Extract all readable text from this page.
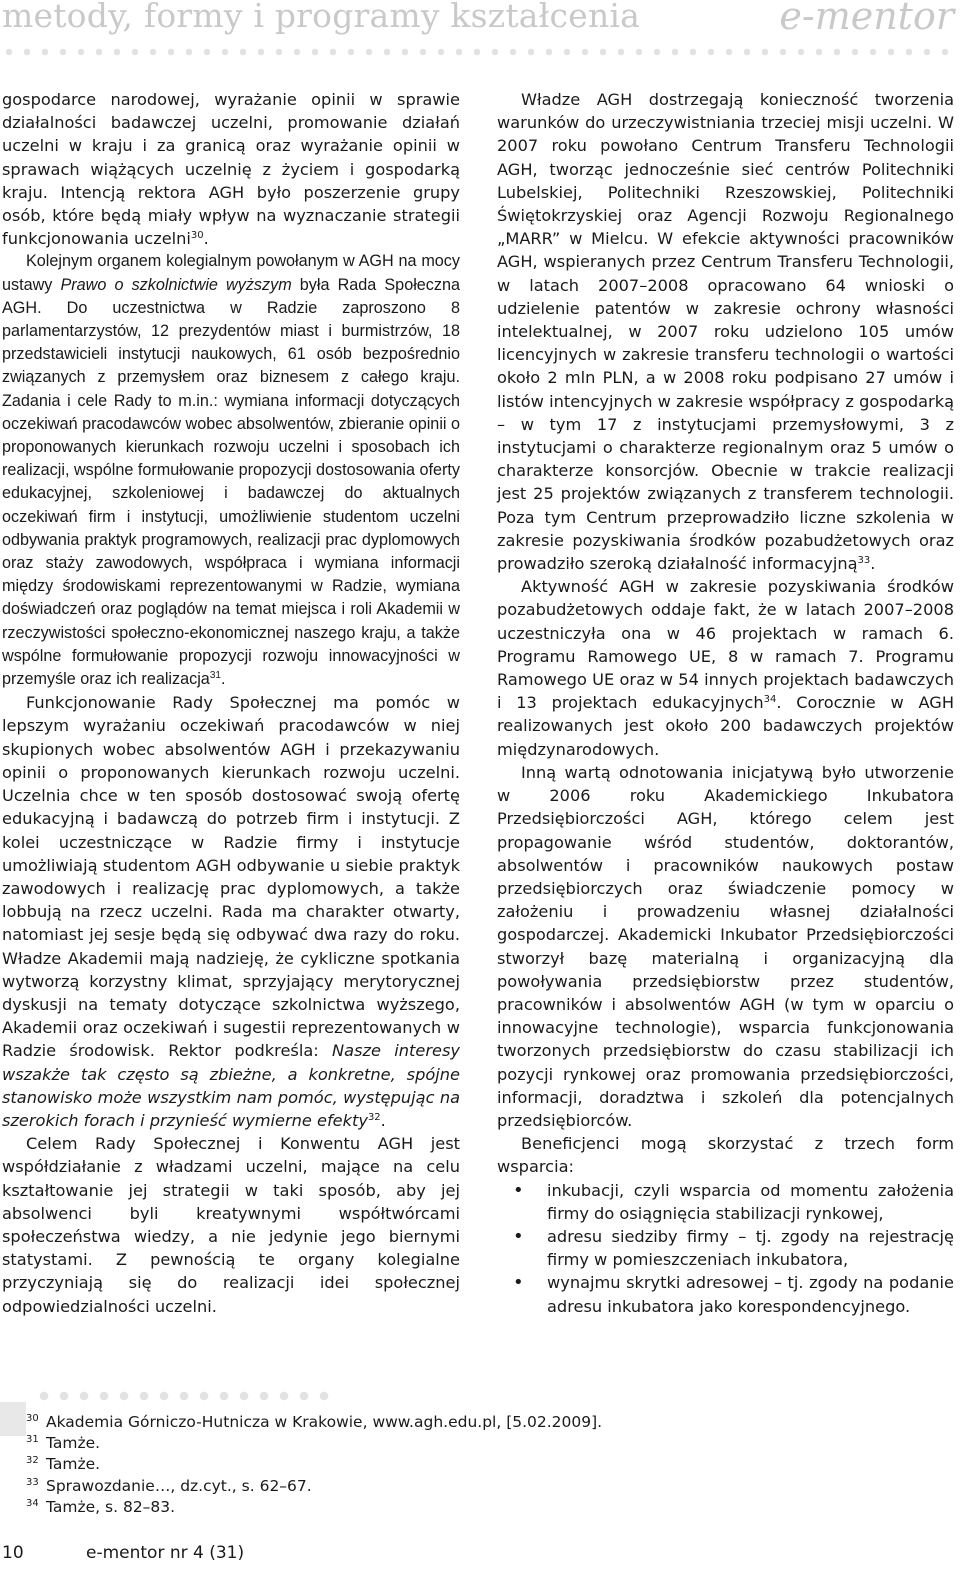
metody, formy i programy kształcenia	e-mentor

gospodarce narodowej, wyrażanie opinii w sprawie działalności badawczej uczelni, promowanie działań uczelni w kraju i za granicą oraz wyrażanie opinii w sprawach wiążących uczelnię z życiem i gospodarką kraju. Intencją rektora AGH było poszerzenie grupy osób, które będą miały wpływ na wyznaczanie strategii funkcjonowania uczelni$^{30}$.

Kolejnym organem kolegialnym powołanym w AGH na mocy ustawy Prawo o szkolnictwie wyższym była Rada Społeczna AGH. Do uczestnictwa w Radzie zaproszono 8 parlamentarzystów, 12 prezydentów miast i burmistrzów, 18 przedstawicieli instytucji naukowych, 61 osób bezpośrednio związanych z przemysłem oraz biznesem z całego kraju. Zadania i cele Rady to m.in.: wymiana informacji dotyczących oczekiwań pracodawców wobec absolwentów, zbieranie opinii o proponowanych kierunkach rozwoju uczelni i sposobach ich realizacji, wspólne formułowanie propozycji dostosowania oferty edukacyjnej, szkoleniowej i badawczej do aktualnych oczekiwań firm i instytucji, umożliwienie studentom uczelni odbywania praktyk programowych, realizacji prac dyplomowych oraz staży zawodowych, współpraca i wymiana informacji między środowiskami reprezentowanymi w Radzie, wymiana doświadczeń oraz poglądów na temat miejsca i roli Akademii w rzeczywistości społeczno-ekonomicznej naszego kraju, a także wspólne formułowanie propozycji rozwoju innowacyjności w przemyśle oraz ich realizacja$^{31}$.

Funkcjonowanie Rady Społecznej ma pomóc w lepszym wyrażaniu oczekiwań pracodawców w niej skupionych wobec absolwentów AGH i przekazywaniu opinii o proponowanych kierunkach rozwoju uczelni. Uczelnia chce w ten sposób dostosować swoją ofertę edukacyjną i badawczą do potrzeb firm i instytucji. Z kolei uczestniczące w Radzie firmy i instytucje umożliwiają studentom AGH odbywanie u siebie praktyk zawodowych i realizację prac dyplomowych, a także lobbują na rzecz uczelni. Rada ma charakter otwarty, natomiast jej sesje będą się odbywać dwa razy do roku. Władze Akademii mają nadzieję, że cykliczne spotkania wytworzą korzystny klimat, sprzyjający merytorycznej dyskusji na tematy dotyczące szkolnictwa wyższego, Akademii oraz oczekiwań i sugestii reprezentowanych w Radzie środowisk. Rektor podkreśla: Nasze interesy wszakże tak często są zbieżne, a konkretne, spójne stanowisko może wszystkim nam pomóc, występując na szerokich forach i przynieść wymierne efekty$^{32}$.

Celem Rady Społecznej i Konwentu AGH jest współdziałanie z władzami uczelni, mające na celu kształtowanie jej strategii w taki sposób, aby jej absolwenci byli kreatywnymi współtwórcami społeczeństwa wiedzy, a nie jedynie jego biernymi statystami. Z pewnością te organy kolegialne przyczyniają się do realizacji idei społecznej odpowiedzialności uczelni.

Władze AGH dostrzegają konieczność tworzenia warunków do urzeczywistniania trzeciej misji uczelni. W 2007 roku powołano Centrum Transferu Technologii AGH, tworząc jednocześnie sieć centrów Politechniki Lubelskiej, Politechniki Rzeszowskiej, Politechniki Świętokrzyskiej oraz Agencji Rozwoju Regionalnego „MARR” w Mielcu. W efekcie aktywności pracowników AGH, wspieranych przez Centrum Transferu Technologii, w latach 2007–2008 opracowano 64 wnioski o udzielenie patentów w zakresie ochrony własności intelektualnej, w 2007 roku udzielono 105 umów licencyjnych w zakresie transferu technologii o wartości około 2 mln PLN, a w 2008 roku podpisano 27 umów i listów intencyjnych w zakresie współpracy z gospodarką – w tym 17 z instytucjami przemysłowymi, 3 z instytucjami o charakterze regionalnym oraz 5 umów o charakterze konsorcjów. Obecnie w trakcie realizacji jest 25 projektów związanych z transferem technologii. Poza tym Centrum przeprowadziło liczne szkolenia w zakresie pozyskiwania środków pozabudżetowych oraz prowadziło szeroką działalność informacyjną$^{33}$.

Aktywność AGH w zakresie pozyskiwania środków pozabudżetowych oddaje fakt, że w latach 2007–2008 uczestniczyła ona w 46 projektach w ramach 6. Programu Ramowego UE, 8 w ramach 7. Programu Ramowego UE oraz w 54 innych projektach badawczych i 13 projektach edukacyjnych$^{34}$. Corocznie w AGH realizowanych jest około 200 badawczych projektów międzynarodowych.

Inną wartą odnotowania inicjatywą było utworzenie w 2006 roku Akademickiego Inkubatora Przedsiębiorczości AGH, którego celem jest propagowanie wśród studentów, doktorantów, absolwentów i pracowników naukowych postaw przedsiębiorczych oraz świadczenie pomocy w założeniu i prowadzeniu własnej działalności gospodarczej. Akademicki Inkubator Przedsiębiorczości stworzył bazę materialną i organizacyjną dla powoływania przedsiębiorstw przez studentów, pracowników i absolwentów AGH (w tym w oparciu o innowacyjne technologie), wsparcia funkcjonowania tworzonych przedsiębiorstw do czasu stabilizacji ich pozycji rynkowej oraz promowania przedsiębiorczości, informacji, doradztwa i szkoleń dla potencjalnych przedsiębiorców.

Beneficjenci mogą skorzystać z trzech form wsparcia:

• inkubacji, czyli wsparcia od momentu założenia firmy do osiągnięcia stabilizacji rynkowej,
• adresu siedziby firmy – tj. zgody na rejestrację firmy w pomieszczeniach inkubatora,
• wynajmu skrytki adresowej – tj. zgody na podanie adresu inkubatora jako korespondencyjnego.
30 Akademia Górniczo-Hutnicza w Krakowie, www.agh.edu.pl, [5.02.2009].
31 Tamże.
32 Tamże.
33 Sprawozdanie…, dz.cyt., s. 62–67.
34 Tamże, s. 82–83.
10	e-mentor nr 4 (31)
